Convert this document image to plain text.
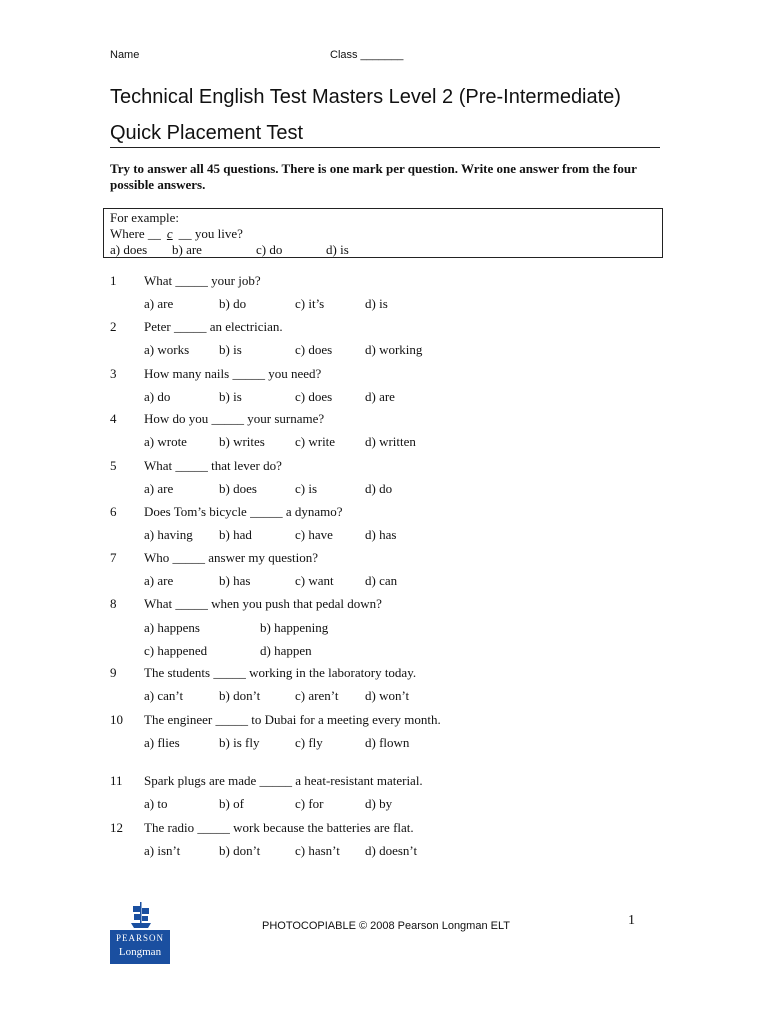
Name	Class _______
Technical English Test Masters Level 2 (Pre-Intermediate)
Quick Placement Test
Try to answer all 45 questions. There is one mark per question. Write one answer from the four possible answers.
For example:
Where __ c __ you live?
a) does b) are	c) do	d) is
1 What _____ your job?
a) are	b) do	c) it’s	d) is
2 Peter _____ an electrician.
a) works b) is	c) does	d) working
3 How many nails _____ you need?
a) do	b) is	c) does	d) are
4 How do you _____ your surname?
a) wrote b) writes c) write d) written
5 What _____ that lever do?
a) are	b) does	c) is	d) do
6 Does Tom’s bicycle _____ a dynamo?
a) having b) had	c) have d) has
7 Who _____ answer my question?
a) are	b) has	c) want d) can
8 What _____ when you push that pedal down?
a) happens	b) happening
c) happened	d) happen
9 The students _____ working in the laboratory today.
a) can’t	b) don’t	c) aren’t d) won’t
10 The engineer _____ to Dubai for a meeting every month.
a) flies	b) is fly	c) fly	d) flown
11 Spark plugs are made _____ a heat-resistant material.
a) to	b) of	c) for	d) by
12 The radio _____ work because the batteries are flat.
a) isn’t	b) don’t	c) hasn’t d) doesn’t
PEARSON
Longman
PHOTOCOPIABLE © 2008 Pearson Longman ELT	1
